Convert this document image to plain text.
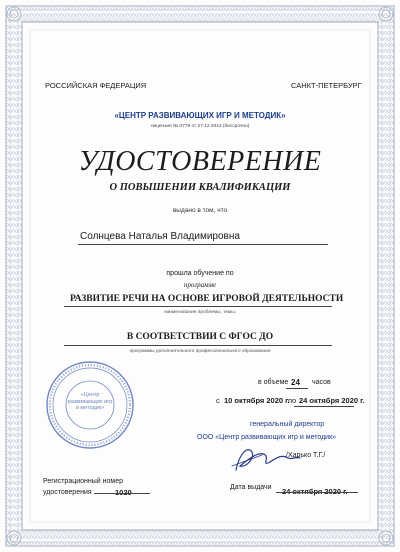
РОССИЙСКАЯ ФЕДЕРАЦИЯ	САНКТ-ПЕТЕРБУРГ
«ЦЕНТР РАЗВИВАЮЩИХ ИГР И МЕТОДИК»
лицензия № 0779 от 27.12.2013 (бессрочно)
УДОСТОВЕРЕНИЕ
О ПОВЫШЕНИИ КВАЛИФИКАЦИИ
выдано в том, что
Солнцева Наталья Владимировна
прошла обучение по
программе
РАЗВИТИЕ РЕЧИ НА ОСНОВЕ ИГРОВОЙ ДЕЯТЕЛЬНОСТИ
наименование проблемы, темы,
В СООТВЕТСТВИИ С ФГОС ДО
программы дополнительного профессионального образования
в объеме 24 часов
с 10 октября 2020 г.
по 24 октября 2020 г.
генеральный директор
ООО «Центр развивающих игр и методик»
/Харько Т.Г./
«Центр развивающих игр и методик»
Регистрационный номер
удостоверения	1020
Дата выдачи 24 октября 2020 г.
